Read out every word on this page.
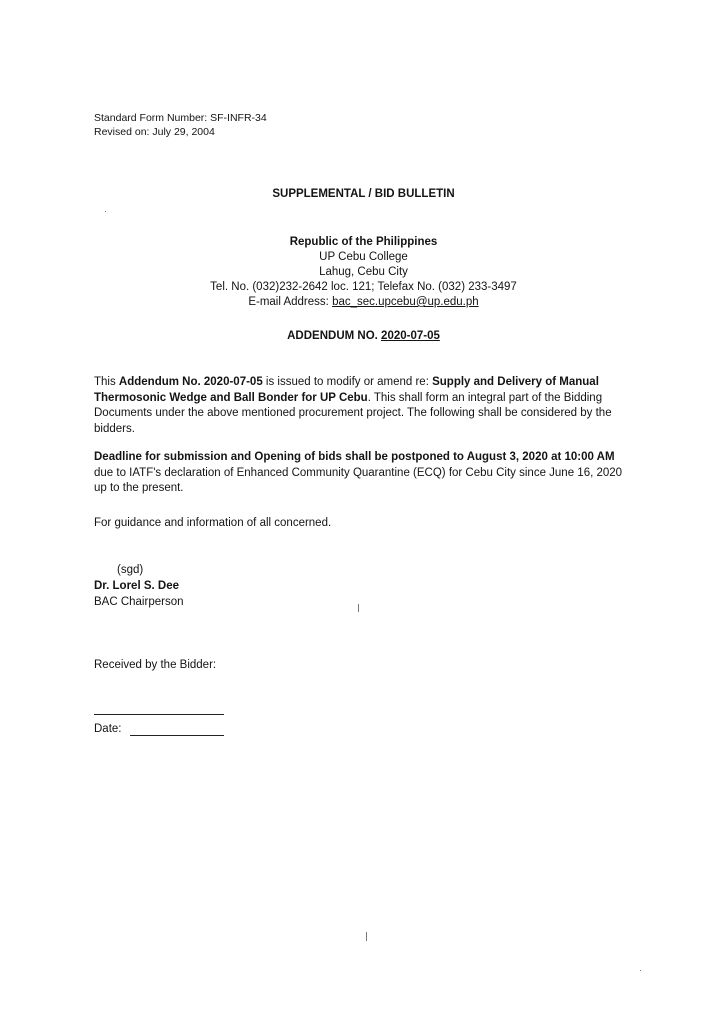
Standard Form Number: SF-INFR-34
Revised on: July 29, 2004
SUPPLEMENTAL / BID BULLETIN
Republic of the Philippines
UP Cebu College
Lahug, Cebu City
Tel. No. (032)232-2642 loc. 121; Telefax No. (032) 233-3497
E-mail Address: bac_sec.upcebu@up.edu.ph
ADDENDUM NO. 2020-07-05
This Addendum No. 2020-07-05 is issued to modify or amend re: Supply and Delivery of Manual Thermosonic Wedge and Ball Bonder for UP Cebu. This shall form an integral part of the Bidding Documents under the above mentioned procurement project. The following shall be considered by the bidders.
Deadline for submission and Opening of bids shall be postponed to August 3, 2020 at 10:00 AM due to IATF's declaration of Enhanced Community Quarantine (ECQ) for Cebu City since June 16, 2020 up to the present.
For guidance and information of all concerned.
(sgd)
Dr. Lorel S. Dee
BAC Chairperson
Received by the Bidder:
Date:
